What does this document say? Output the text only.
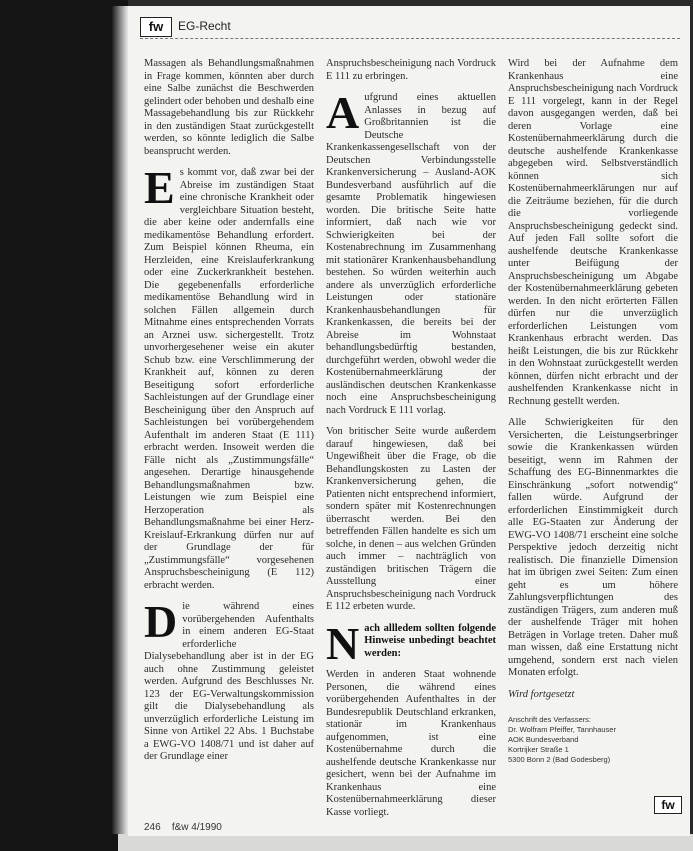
fw	EG-Recht

Massagen als Behandlungsmaßnahmen in Frage kommen, könnten aber durch eine Salbe zunächst die Beschwerden gelindert oder behoben und deshalb eine Massagebehandlung bis zur Rückkehr in den zuständigen Staat zurückgestellt werden, so könnte lediglich die Salbe beansprucht werden.

Es kommt vor, daß zwar bei der Abreise im zuständigen Staat eine chronische Krankheit oder vergleichbare Situation besteht, die aber keine oder andernfalls eine medikamentöse Behandlung erfordert. Zum Beispiel können Rheuma, ein Herzleiden, eine Kreislauferkrankung oder eine Zuckerkrankheit bestehen. Die gegebenenfalls erforderliche medikamentöse Behandlung wird in solchen Fällen allgemein durch Mitnahme eines entsprechenden Vorrats an Arznei usw. sichergestellt. Trotz unvorhergesehener weise ein akuter Schub bzw. eine Verschlimmerung der Krankheit auf, können zu deren Beseitigung sofort erforderliche Sachleistungen auf der Grundlage einer Bescheinigung über den Anspruch auf Sachleistungen bei vorübergehendem Aufenthalt im anderen Staat (E 111) erbracht werden. Insoweit werden die Fälle nicht als „Zustimmungsfälle“ angesehen. Derartige hinausgehende Behandlungsmaßnahmen bzw. Leistungen wie zum Beispiel eine Herzoperation als Behandlungsmaßnahme bei einer Herz-Kreislauf-Erkrankung dürfen nur auf der Grundlage der für „Zustimmungsfälle“ vorgesehenen Anspruchsbescheinigung (E 112) erbracht werden.

Die während eines vorübergehenden Aufenthalts in einem anderen EG-Staat erforderliche Dialysebehandlung aber ist in der EG auch ohne Zustimmung geleistet werden. Aufgrund des Beschlusses Nr. 123 der EG-Verwaltungskommission gilt die Dialysebehandlung als unverzüglich erforderliche Leistung im Sinne von Artikel 22 Abs. 1 Buchstabe a EWG-VO 1408/71 und ist daher auf der Grundlage einer

Anspruchsbescheinigung nach Vordruck E 111 zu erbringen.

Aufgrund eines aktuellen Anlasses in bezug auf Großbritannien ist die Deutsche Krankenkassengesellschaft von der Deutschen Verbindungsstelle Krankenversicherung – Ausland-AOK Bundesverband ausführlich auf die gesamte Problematik hingewiesen worden. Die britische Seite hatte informiert, daß nach wie vor Schwierigkeiten bei der Kostenabrechnung im Zusammenhang mit stationärer Krankenhausbehandlung bestehen. So würden weiterhin auch andere als unverzüglich erforderliche Leistungen oder stationäre Krankenhausbehandlungen für Krankenkassen, die bereits bei der Abreise im Wohnstaat behandlungsbedürftig bestanden, durchgeführt werden, obwohl weder die Kostenübernahmeerklärung der ausländischen deutschen Krankenkasse noch eine Anspruchsbescheinigung nach Vordruck E 111 vorlag.

Von britischer Seite wurde außerdem darauf hingewiesen, daß bei Ungewißheit über die Frage, ob die Behandlungskosten zu Lasten der Krankenversicherung gehen, die Patienten nicht entsprechend informiert, sondern später mit Kostenrechnungen überrascht werden. Bei den betreffenden Fällen handelte es sich um solche, in denen – aus welchen Gründen auch immer – nachträglich von zuständigen britischen Trägern die Ausstellung einer Anspruchsbescheinigung nach Vordruck E 112 erbeten wurde.

Nach allledem sollten folgende Hinweise unbedingt beachtet werden:

Werden in anderen Staat wohnende Personen, die während eines vorübergehenden Aufenthaltes in der Bundesrepublik Deutschland erkranken, stationär im Krankenhaus aufgenommen, ist eine Kostenübernahme durch die aushelfende deutsche Krankenkasse nur gesichert, wenn bei der Aufnahme im Krankenhaus eine Kostenübernahmeerklärung dieser Kasse vorliegt.

Wird bei der Aufnahme dem Krankenhaus eine Anspruchsbescheinigung nach Vordruck E 111 vorgelegt, kann in der Regel davon ausgegangen werden, daß bei deren Vorlage eine Kostenübernahmeerklärung durch die deutsche aushelfende Krankenkasse abgegeben wird. Selbstverständlich können sich Kostenübernahmeerklärungen nur auf die Zeiträume beziehen, für die durch die vorliegende Anspruchsbescheinigung gedeckt sind. Auf jeden Fall sollte sofort die aushelfende deutsche Krankenkasse unter Beifügung der Anspruchsbescheinigung um Abgabe der Kostenübernahmeerklärung gebeten werden. In den nicht erörterten Fällen dürfen nur die unverzüglich erforderlichen Leistungen vom Krankenhaus erbracht werden. Das heißt Leistungen, die bis zur Rückkehr in den Wohnstaat zurückgestellt werden können, dürfen nicht erbracht und der aushelfenden Krankenkasse nicht in Rechnung gestellt werden.

Alle Schwierigkeiten für den Versicherten, die Leistungserbringer sowie die Krankenkassen würden beseitigt, wenn im Rahmen der Schaffung des EG-Binnenmarktes die Einschränkung „sofort notwendig“ fallen würde. Aufgrund der erforderlichen Einstimmigkeit durch alle EG-Staaten zur Änderung der EWG-VO 1408/71 erscheint eine solche Perspektive jedoch derzeitig nicht realistisch. Die finanzielle Dimension hat im übrigen zwei Seiten: Zum einen geht es um höhere Zahlungsverpflichtungen des zuständigen Trägers, zum anderen muß der aushelfende Träger mit hohen Beträgen in Vorlage treten. Daher muß man wissen, daß eine Erstattung nicht umgehend, sondern erst nach vielen Monaten erfolgt.

Wird fortgesetzt

Anschrift des Verfassers:
Dr. Wolfram Pfeiffer, Tannhauser
AOK Bundesverband
Kortrijker Straße 1
5300 Bonn 2 (Bad Godesberg)
fw
246 f&w 4/1990
